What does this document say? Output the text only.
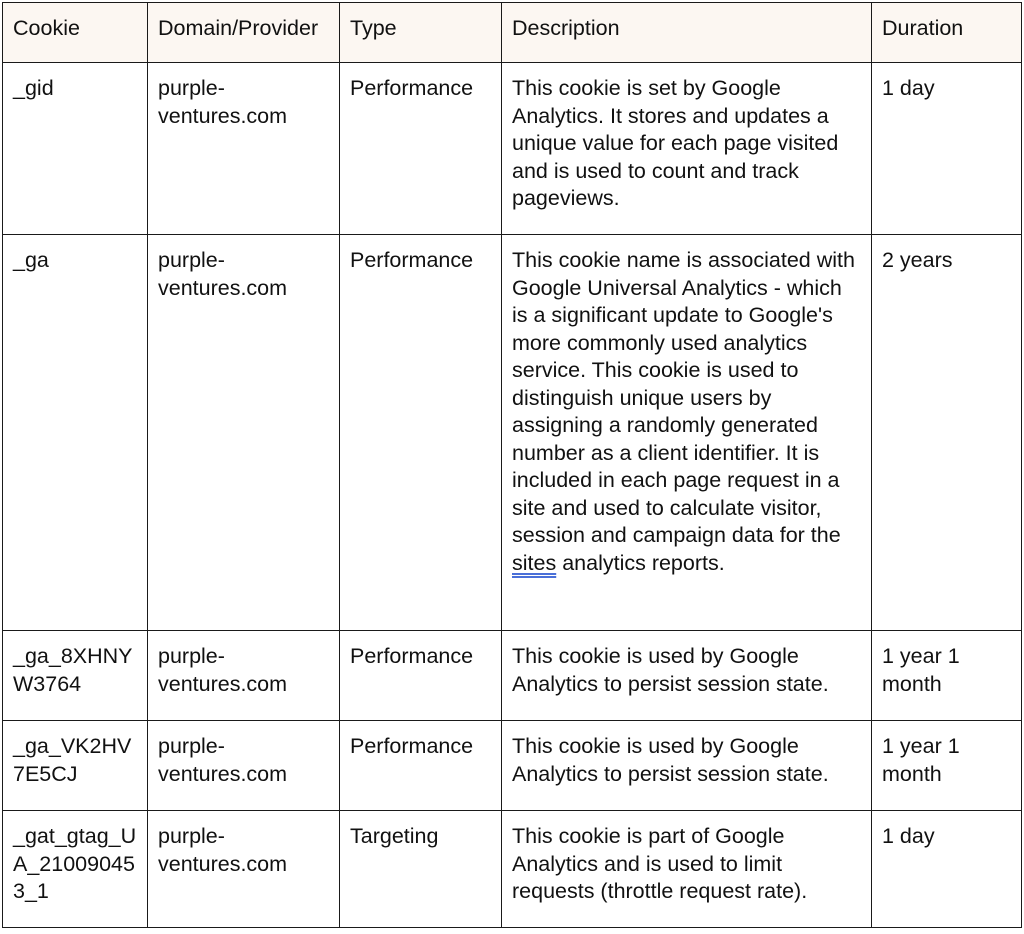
Cookie	Domain/Provider	Type	Description	Duration
_gid	purple-ventures.com	Performance	This cookie is set by Google Analytics. It stores and updates a unique value for each page visited and is used to count and track pageviews.	1 day
_ga	purple-ventures.com	Performance	This cookie name is associated with Google Universal Analytics - which is a significant update to Google's more commonly used analytics service. This cookie is used to distinguish unique users by assigning a randomly generated number as a client identifier. It is included in each page request in a site and used to calculate visitor, session and campaign data for the sites analytics reports.	2 years
_ga_8XHNYW3764	purple-ventures.com	Performance	This cookie is used by Google Analytics to persist session state.	1 year 1 month
_ga_VK2HV7E5CJ	purple-ventures.com	Performance	This cookie is used by Google Analytics to persist session state.	1 year 1 month
_gat_gtag_UA_210090453_1	purple-ventures.com	Targeting	This cookie is part of Google Analytics and is used to limit requests (throttle request rate).	1 day
